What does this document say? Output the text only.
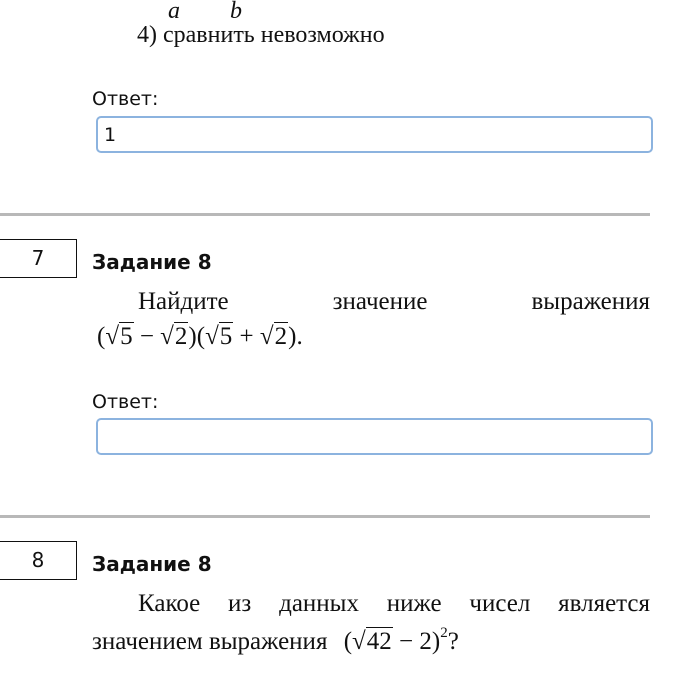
a b
4) сравнить невозможно
Ответ:
1
7	Задание 8
Найдите значение выражения
(√5 − √2)(√5 + √2).
Ответ:
8	Задание 8
Какое из данных ниже чисел является
значением выражения $(√42 - 2)^2$?
